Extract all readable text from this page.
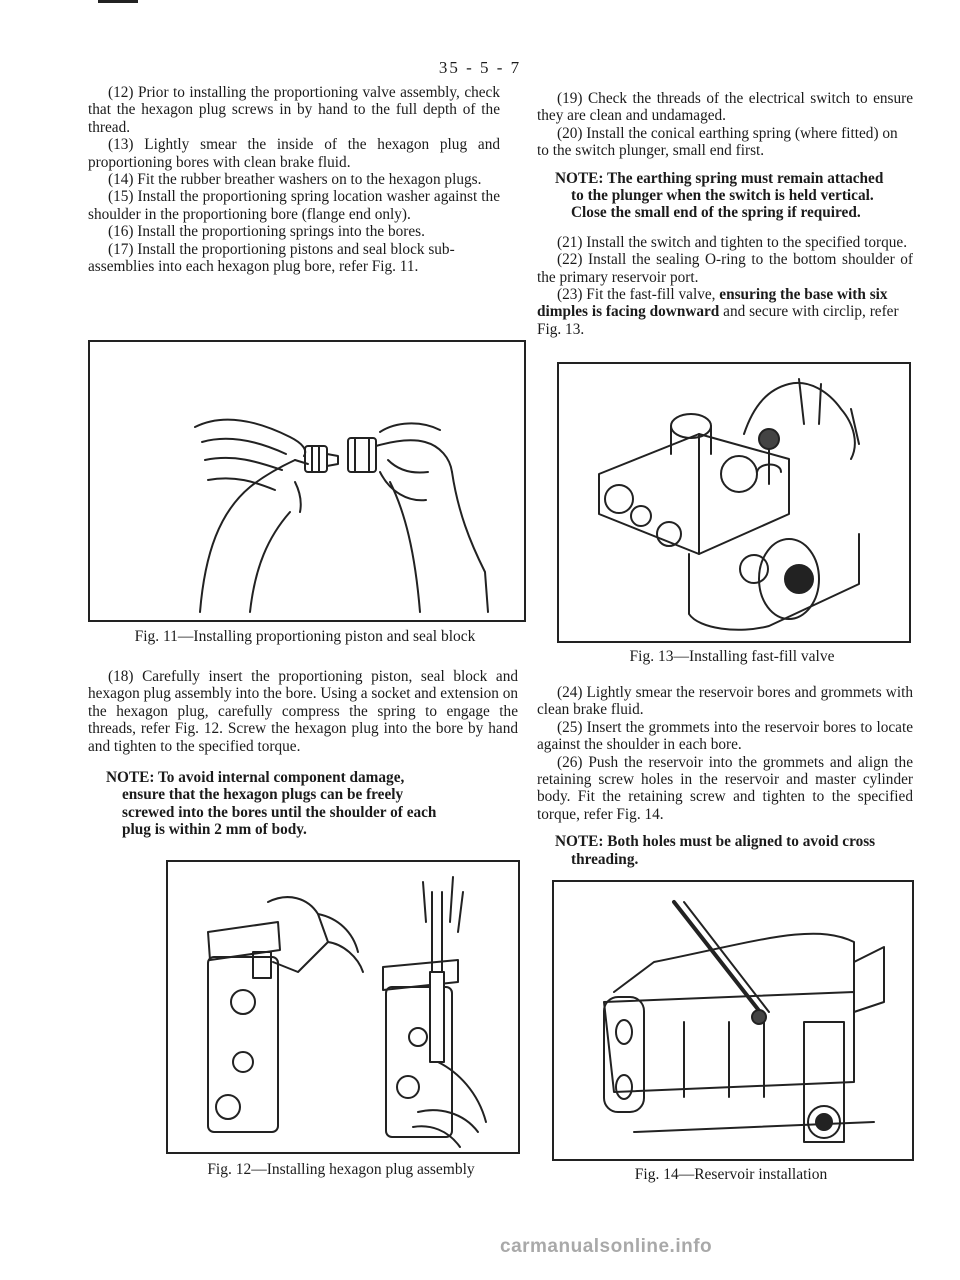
35 - 5 - 7

(12) Prior to installing the proportioning valve assembly, check that the hexagon plug screws in by hand to the full depth of the thread.

(13) Lightly smear the inside of the hexagon plug and proportioning bores with clean brake fluid.

(14) Fit the rubber breather washers on to the hexagon plugs.

(15) Install the proportioning spring location washer against the shoulder in the proportioning bore (flange end only).

(16) Install the proportioning springs into the bores.

(17) Install the proportioning pistons and seal block sub-assemblies into each hexagon plug bore, refer Fig. 11.

Fig. 11—Installing proportioning piston and seal block

(18) Carefully insert the proportioning piston, seal block and hexagon plug assembly into the bore. Using a socket and extension on the hexagon plug, carefully compress the spring to engage the threads, refer Fig. 12. Screw the hexagon plug into the bore by hand and tighten to the specified torque.

NOTE: To avoid internal component damage,
ensure that the hexagon plugs can be freely
screwed into the bores until the shoulder of each
plug is within 2 mm of body.
Fig. 12—Installing hexagon plug assembly

(19) Check the threads of the electrical switch to ensure they are clean and undamaged.

(20) Install the conical earthing spring (where fitted) on to the switch plunger, small end first.

NOTE: The earthing spring must remain attached
to the plunger when the switch is held vertical.
Close the small end of the spring if required.

(21) Install the switch and tighten to the specified torque.

(22) Install the sealing O-ring to the bottom shoulder of the primary reservoir port.

(23) Fit the fast-fill valve, ensuring the base with six dimples is facing downward and secure with circlip, refer Fig. 13.

Fig. 13—Installing fast-fill valve

(24) Lightly smear the reservoir bores and grommets with clean brake fluid.

(25) Insert the grommets into the reservoir bores to locate against the shoulder in each bore.

(26) Push the reservoir into the grommets and align the retaining screw holes in the reservoir and master cylinder body. Fit the retaining screw and tighten to the specified torque, refer Fig. 14.

NOTE: Both holes must be aligned to avoid cross
threading.
Fig. 14—Reservoir installation
carmanualsonline.info
